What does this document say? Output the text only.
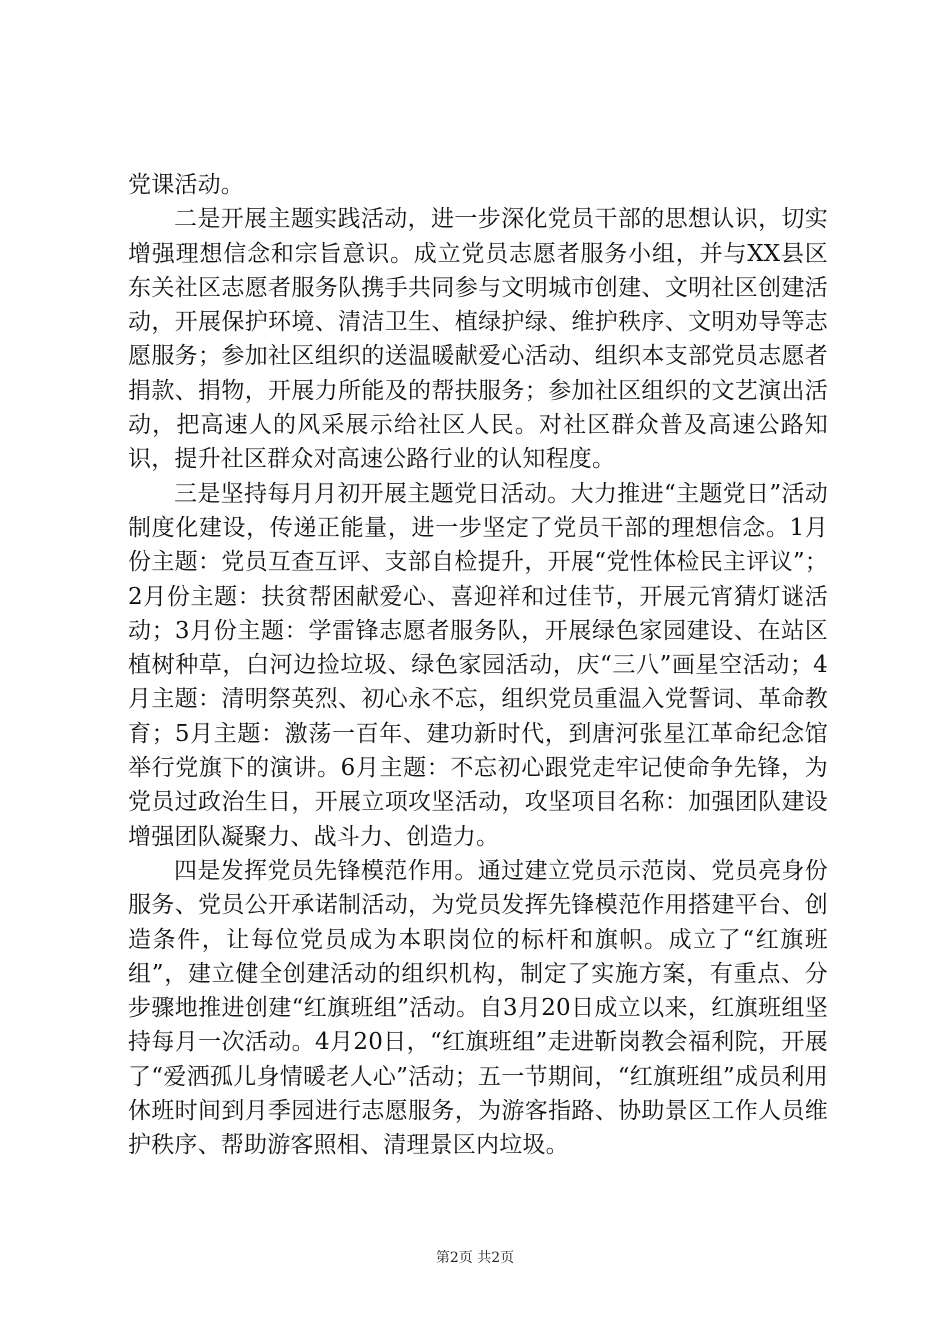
党课活动。

二是开展主题实践活动，进一步深化党员干部的思想认识，切实增强理想信念和宗旨意识。成立党员志愿者服务小组，并与XX县区东关社区志愿者服务队携手共同参与文明城市创建、文明社区创建活动，开展保护环境、清洁卫生、植绿护绿、维护秩序、文明劝导等志愿服务；参加社区组织的送温暖献爱心活动、组织本支部党员志愿者捐款、捐物，开展力所能及的帮扶服务；参加社区组织的文艺演出活动，把高速人的风采展示给社区人民。对社区群众普及高速公路知识，提升社区群众对高速公路行业的认知程度。

三是坚持每月月初开展主题党日活动。大力推进“主题党日”活动制度化建设，传递正能量，进一步坚定了党员干部的理想信念。1月份主题：党员互查互评、支部自检提升，开展“党性体检民主评议”；2月份主题：扶贫帮困献爱心、喜迎祥和过佳节，开展元宵猜灯谜活动；3月份主题：学雷锋志愿者服务队，开展绿色家园建设、在站区植树种草，白河边捡垃圾、绿色家园活动，庆“三八”画星空活动；4月主题：清明祭英烈、初心永不忘，组织党员重温入党誓词、革命教育；5月主题：激荡一百年、建功新时代，到唐河张星江革命纪念馆举行党旗下的演讲。6月主题：不忘初心跟党走牢记使命争先锋，为党员过政治生日，开展立项攻坚活动，攻坚项目名称：加强团队建设增强团队凝聚力、战斗力、创造力。

四是发挥党员先锋模范作用。通过建立党员示范岗、党员亮身份服务、党员公开承诺制活动，为党员发挥先锋模范作用搭建平台、创造条件，让每位党员成为本职岗位的标杆和旗帜。成立了“红旗班组”，建立健全创建活动的组织机构，制定了实施方案，有重点、分步骤地推进创建“红旗班组”活动。自3月20日成立以来，红旗班组坚持每月一次活动。4月20日，“红旗班组”走进靳岗教会福利院，开展了“爱洒孤儿身情暖老人心”活动；五一节期间，“红旗班组”成员利用休班时间到月季园进行志愿服务，为游客指路、协助景区工作人员维护秩序、帮助游客照相、清理景区内垃圾。

第2页 共2页
